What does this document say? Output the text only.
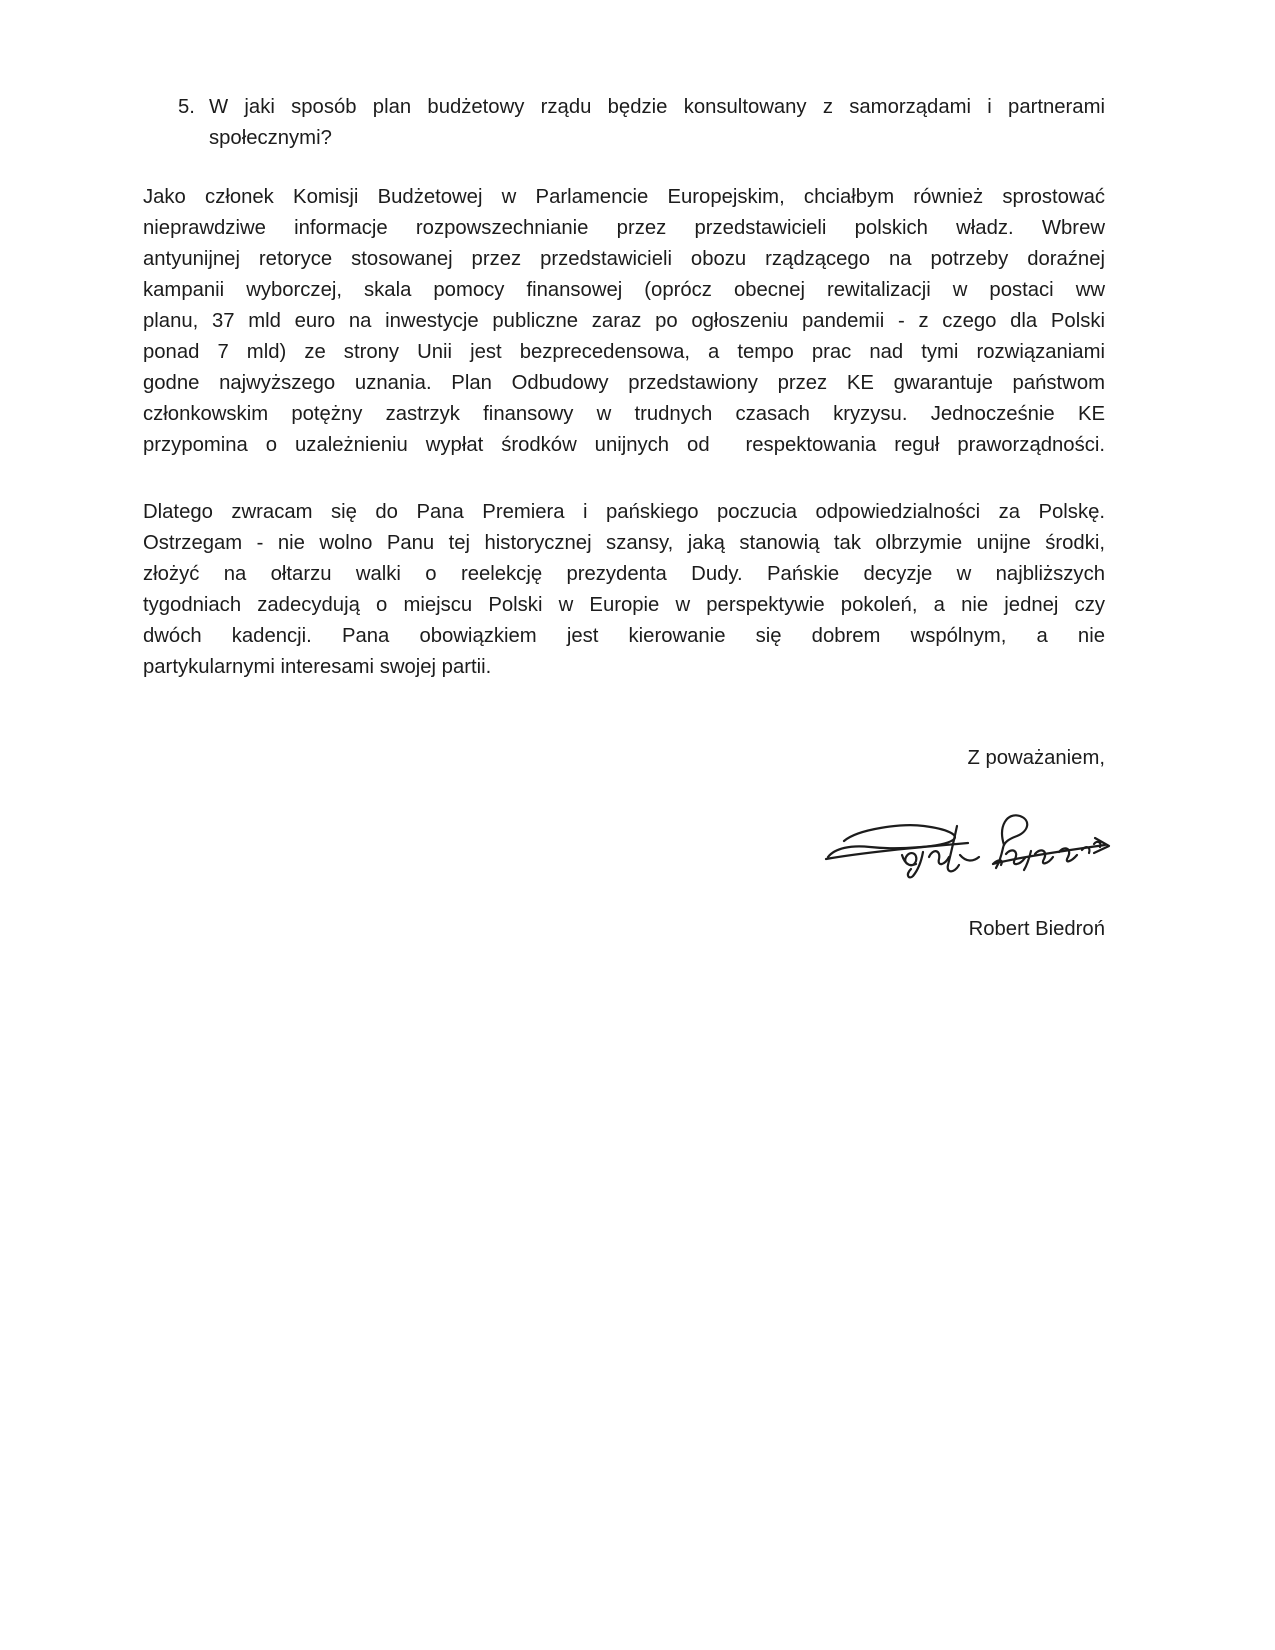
5. W jaki sposób plan budżetowy rządu będzie konsultowany z samorządami i partnerami
społecznymi?
Jako członek Komisji Budżetowej w Parlamencie Europejskim, chciałbym również sprostować
nieprawdziwe informacje rozpowszechnianie przez przedstawicieli polskich władz. Wbrew
antyunijnej retoryce stosowanej przez przedstawicieli obozu rządzącego na potrzeby doraźnej
kampanii wyborczej, skala pomocy finansowej (oprócz obecnej rewitalizacji w postaci ww
planu, 37 mld euro na inwestycje publiczne zaraz po ogłoszeniu pandemii - z czego dla Polski
ponad 7 mld) ze strony Unii jest bezprecedensowa, a tempo prac nad tymi rozwiązaniami
godne najwyższego uznania. Plan Odbudowy przedstawiony przez KE gwarantuje państwom
członkowskim potężny zastrzyk finansowy w trudnych czasach kryzysu. Jednocześnie KE
przypomina o uzależnieniu wypłat środków unijnych od  respektowania reguł praworządności.
Dlatego zwracam się do Pana Premiera i pańskiego poczucia odpowiedzialności za Polskę.
Ostrzegam - nie wolno Panu tej historycznej szansy, jaką stanowią tak olbrzymie unijne środki,
złożyć na ołtarzu walki o reelekcję prezydenta Dudy. Pańskie decyzje w najbliższych
tygodniach zadecydują o miejscu Polski w Europie w perspektywie pokoleń, a nie jednej czy
dwóch kadencji. Pana obowiązkiem jest kierowanie się dobrem wspólnym, a nie
partykularnymi interesami swojej partii.
Z poważaniem,
Robert Biedroń
